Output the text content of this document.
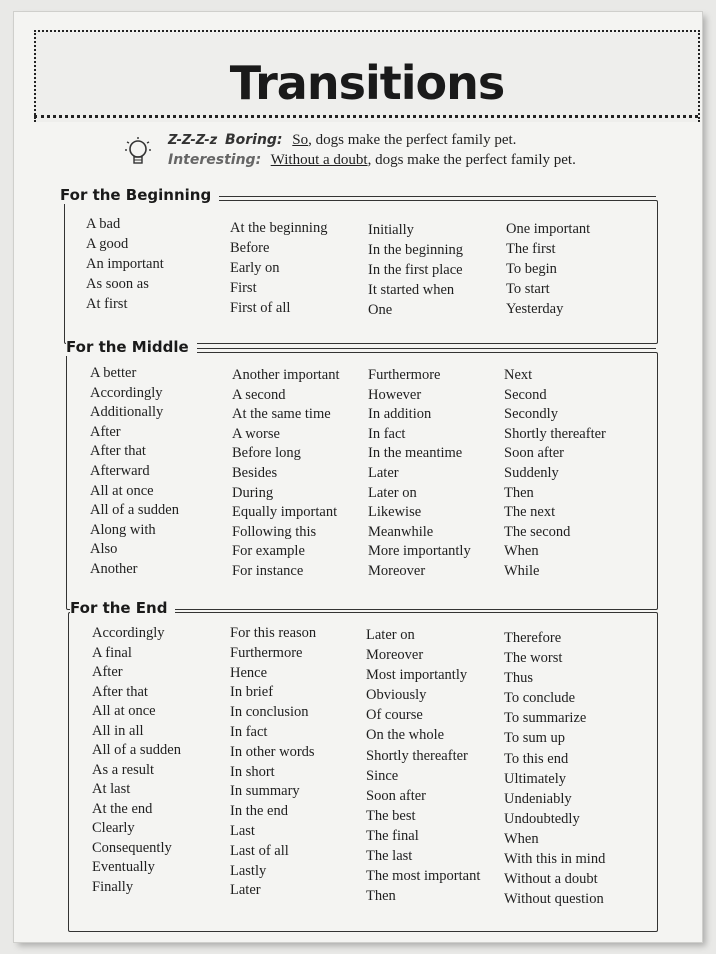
Transitions
Z-Z-Z-z Boring: So, dogs make the perfect family pet.
Interesting: Without a doubt, dogs make the perfect family pet.
For the Beginning
A bad
A good
An important
As soon as
At first
At the beginning
Before
Early on
First
First of all
Initially
In the beginning
In the first place
It started when
One
One important
The first
To begin
To start
Yesterday
For the Middle
A better
Accordingly
Additionally
After
After that
Afterward
All at once
All of a sudden
Along with
Also
Another
Another important
A second
At the same time
A worse
Before long
Besides
During
Equally important
Following this
For example
For instance
Furthermore
However
In addition
In fact
In the meantime
Later
Later on
Likewise
Meanwhile
More importantly
Moreover
Next
Second
Secondly
Shortly thereafter
Soon after
Suddenly
Then
The next
The second
When
While
For the End
Accordingly
A final
After
After that
All at once
All in all
All of a sudden
As a result
At last
At the end
Clearly
Consequently
Eventually
Finally
For this reason
Furthermore
Hence
In brief
In conclusion
In fact
In other words
In short
In summary
In the end
Last
Last of all
Lastly
Later
Later on
Moreover
Most importantly
Obviously
Of course
On the whole
Shortly thereafter
Since
Soon after
The best
The final
The last
The most important
Then
Therefore
The worst
Thus
To conclude
To summarize
To sum up
To this end
Ultimately
Undeniably
Undoubtedly
When
With this in mind
Without a doubt
Without question
